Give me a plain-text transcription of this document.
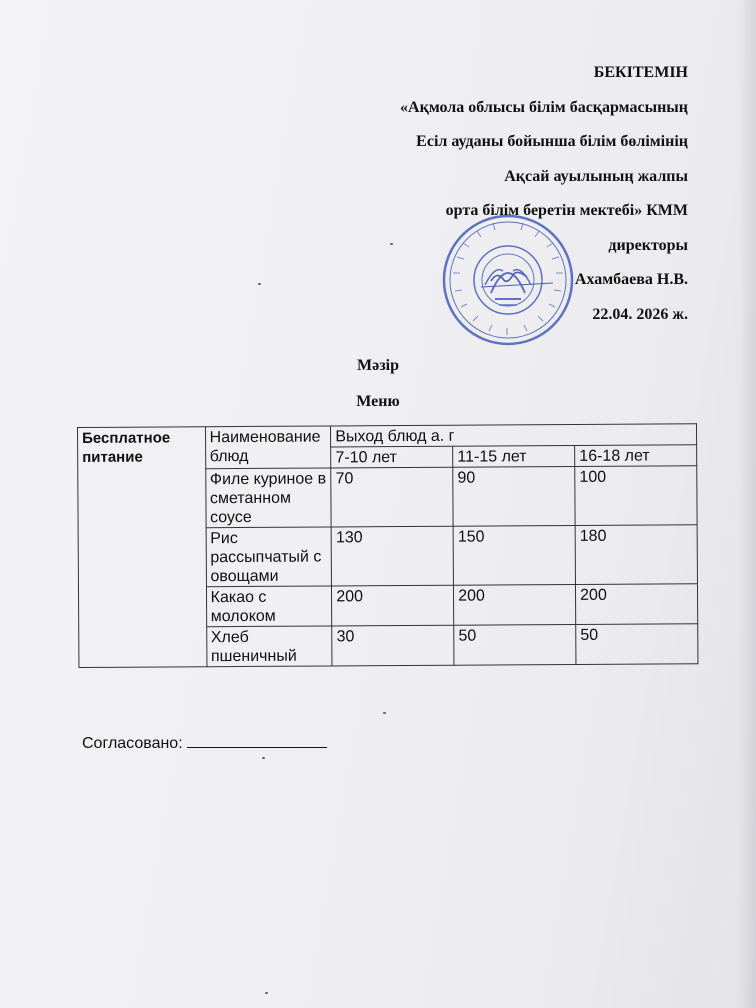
БЕКІТЕМІН
«Ақмола облысы білім басқармасының
Есіл ауданы бойынша білім бөлімінің
Ақсай ауылының жалпы
орта білім беретін мектебі» КММ
директоры
Ахамбаева Н.В.
22.04. 2026 ж.
Мәзір
Меню
Бесплатное питание	Наименование блюд	Выход блюд а. г		
		7-10 лет	11-15 лет	16-18 лет
	Филе куриное в сметанном соусе	70	90	100
	Рис рассыпчатый с овощами	130	150	180
	Какао с молоком	200	200	200
	Хлеб пшеничный	30	50	50
Согласовано:
